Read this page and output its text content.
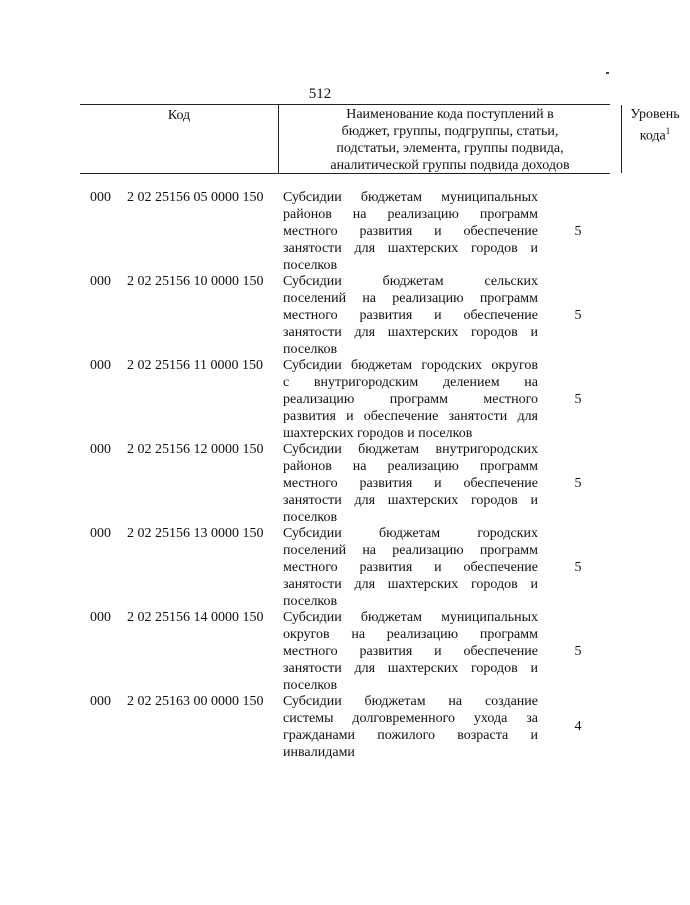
512
Код	Наименование кода поступлений в
бюджет, группы, подгруппы, статьи,
подстатьи, элемента, группы подвида,
аналитической группы подвида доходов
Уровень
кода$^1$
000 2 02 25156 05 0000 150 Субсидии бюджетам муниципальных
районов на реализацию программ
местного развития и обеспечение
занятости для шахтерских городов и
поселков
5
000 2 02 25156 10 0000 150 Субсидии бюджетам сельских
поселений на реализацию программ
местного развития и обеспечение
занятости для шахтерских городов и
поселков
5
000 2 02 25156 11 0000 150 Субсидии бюджетам городских округов
с внутригородским делением на
реализацию программ местного
развития и обеспечение занятости для
шахтерских городов и поселков
5
000 2 02 25156 12 0000 150 Субсидии бюджетам внутригородских
районов на реализацию программ
местного развития и обеспечение
занятости для шахтерских городов и
поселков
5
000 2 02 25156 13 0000 150 Субсидии бюджетам городских
поселений на реализацию программ
местного развития и обеспечение
занятости для шахтерских городов и
поселков
5
000 2 02 25156 14 0000 150 Субсидии бюджетам муниципальных
округов на реализацию программ
местного развития и обеспечение
занятости для шахтерских городов и
поселков
5
000 2 02 25163 00 0000 150 Субсидии бюджетам на создание
системы долговременного ухода за
гражданами пожилого возраста и
инвалидами
4
